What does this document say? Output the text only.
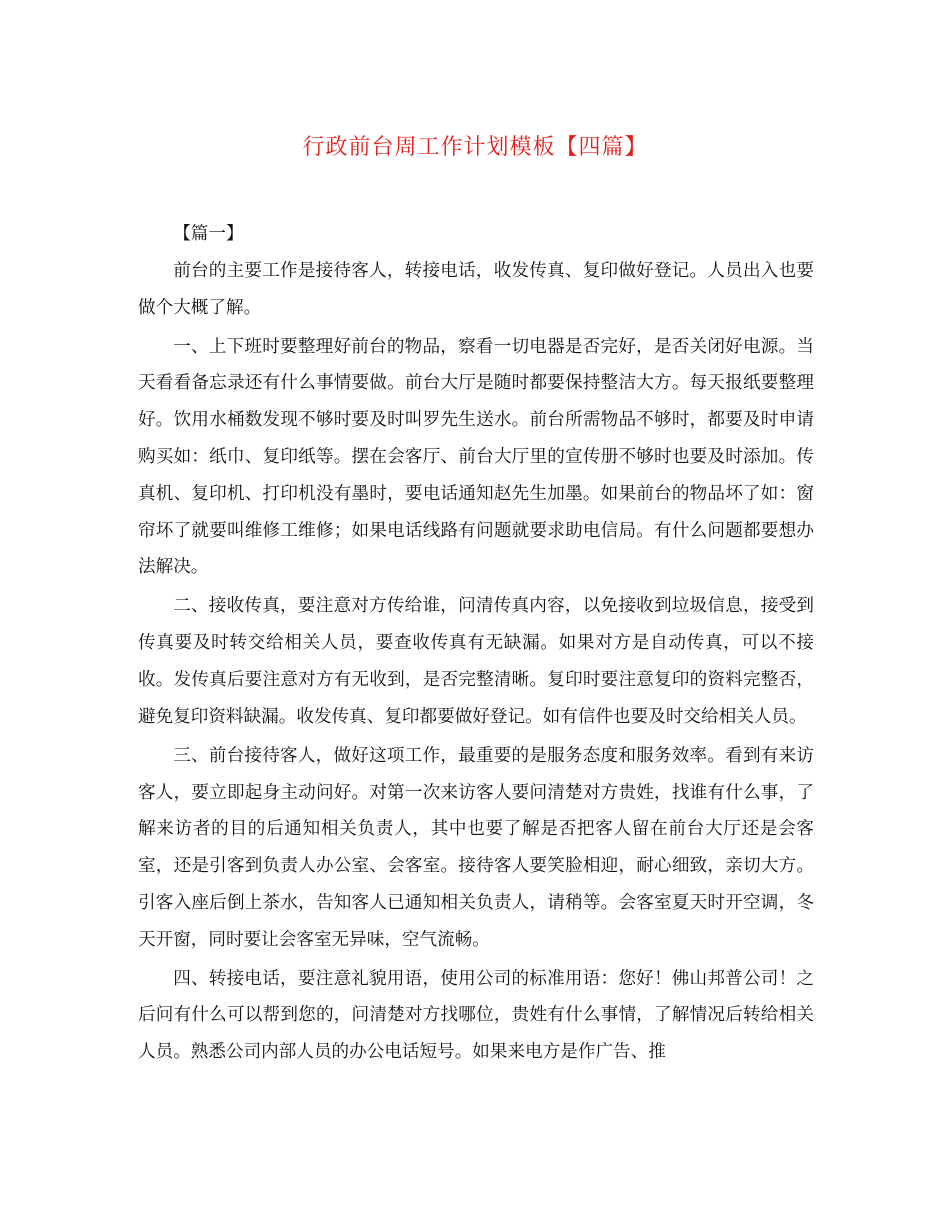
行政前台周工作计划模板【四篇】

【篇一】

前台的主要工作是接待客人，转接电话，收发传真、复印做好登记。人员出入也要做个大概了解。

一、上下班时要整理好前台的物品，察看一切电器是否完好，是否关闭好电源。当天看看备忘录还有什么事情要做。前台大厅是随时都要保持整洁大方。每天报纸要整理好。饮用水桶数发现不够时要及时叫罗先生送水。前台所需物品不够时，都要及时申请购买如：纸巾、复印纸等。摆在会客厅、前台大厅里的宣传册不够时也要及时添加。传真机、复印机、打印机没有墨时，要电话通知赵先生加墨。如果前台的物品坏了如：窗帘坏了就要叫维修工维修；如果电话线路有问题就要求助电信局。有什么问题都要想办法解决。

二、接收传真，要注意对方传给谁，问清传真内容，以免接收到垃圾信息，接受到传真要及时转交给相关人员，要查收传真有无缺漏。如果对方是自动传真，可以不接收。发传真后要注意对方有无收到，是否完整清晰。复印时要注意复印的资料完整否，避免复印资料缺漏。收发传真、复印都要做好登记。如有信件也要及时交给相关人员。

三、前台接待客人，做好这项工作，最重要的是服务态度和服务效率。看到有来访客人，要立即起身主动问好。对第一次来访客人要问清楚对方贵姓，找谁有什么事，了解来访者的目的后通知相关负责人，其中也要了解是否把客人留在前台大厅还是会客室，还是引客到负责人办公室、会客室。接待客人要笑脸相迎，耐心细致，亲切大方。引客入座后倒上茶水，告知客人已通知相关负责人，请稍等。会客室夏天时开空调，冬天开窗，同时要让会客室无异味，空气流畅。

四、转接电话，要注意礼貌用语，使用公司的标准用语：您好！佛山邦普公司！之后问有什么可以帮到您的，问清楚对方找哪位，贵姓有什么事情，了解情况后转给相关人员。熟悉公司内部人员的办公电话短号。如果来电方是作广告、推
